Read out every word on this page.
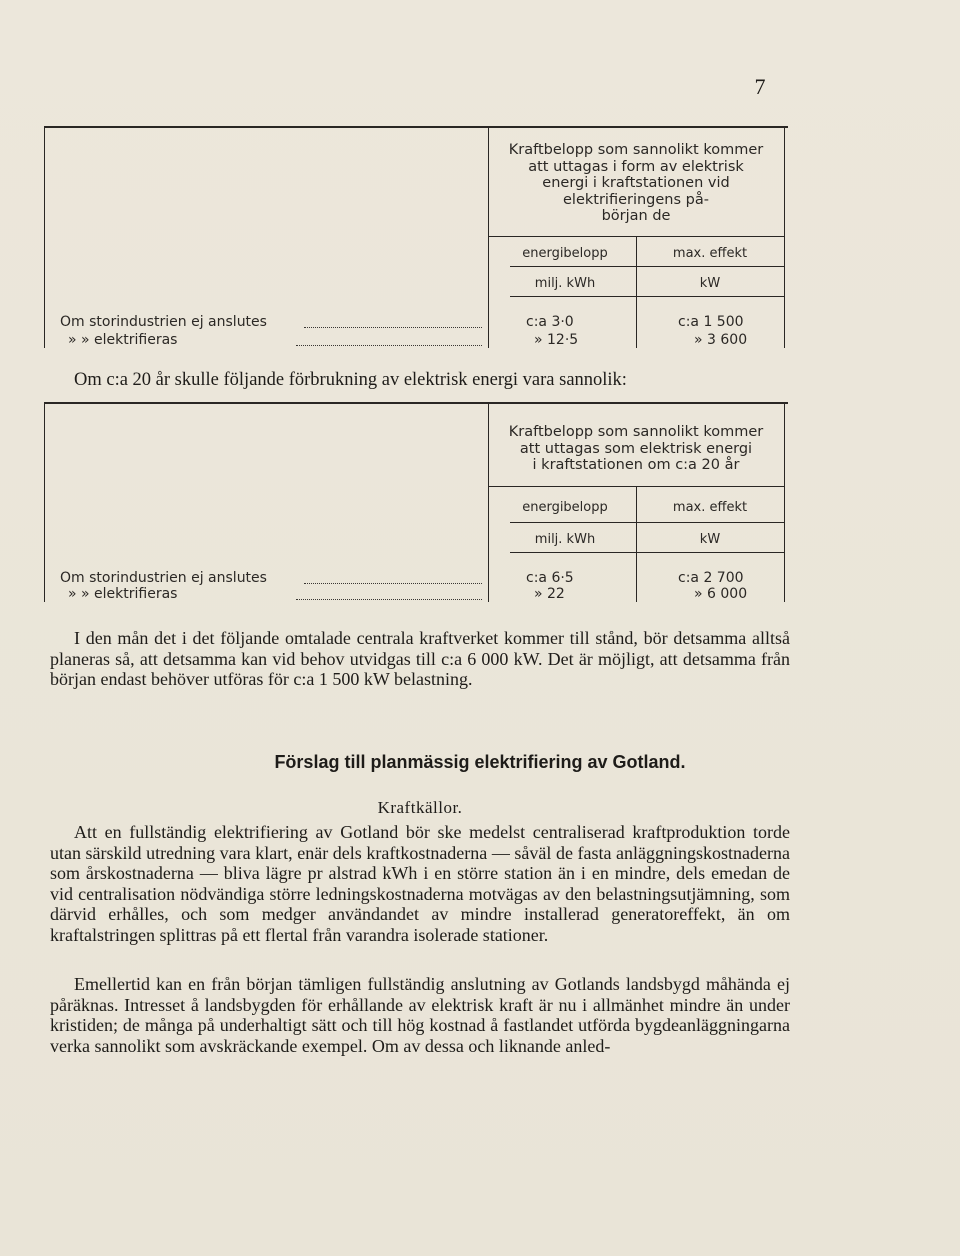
7
Kraftbelopp som sannolikt kommer
att uttagas i form av elektrisk
energi i kraftstationen vid
elektrifieringens på-
början de
energibelopp	max. effekt
milj. kWh	kW
Om storindustrien ej anslutes	c:a 3·0	c:a 1 500
» » elektrifieras	» 12·5	» 3 600
Om c:a 20 år skulle följande förbrukning av elektrisk energi vara sannolik:
Kraftbelopp som sannolikt kommer
att uttagas som elektrisk energi
i kraftstationen om c:a 20 år
energibelopp	max. effekt
milj. kWh	kW
Om storindustrien ej anslutes	c:a 6·5	c:a 2 700
» » elektrifieras	» 22	» 6 000
I den mån det i det följande omtalade centrala kraftverket kommer till stånd, bör detsamma alltså planeras så, att detsamma kan vid behov utvidgas till c:a 6 000 kW. Det är möjligt, att detsamma från början endast behöver utföras för c:a 1 500 kW belastning.
Förslag till planmässig elektrifiering av Gotland.
Kraftkällor.
Att en fullständig elektrifiering av Gotland bör ske medelst centraliserad kraftproduktion torde utan särskild utredning vara klart, enär dels kraftkostnaderna — såväl de fasta anläggningskostnaderna som årskostnaderna — bliva lägre pr alstrad kWh i en större station än i en mindre, dels emedan de vid centralisation nödvändiga större ledningskostnaderna motvägas av den belastningsutjämning, som därvid erhålles, och som medger användandet av mindre installerad generatoreffekt, än om kraftalstringen splittras på ett flertal från varandra isolerade stationer.
Emellertid kan en från början tämligen fullständig anslutning av Gotlands landsbygd måhända ej påräknas. Intresset å landsbygden för erhållande av elektrisk kraft är nu i allmänhet mindre än under kristiden; de många på underhaltigt sätt och till hög kostnad å fastlandet utförda bygdeanläggningarna verka sannolikt som avskräckande exempel. Om av dessa och liknande anled-
